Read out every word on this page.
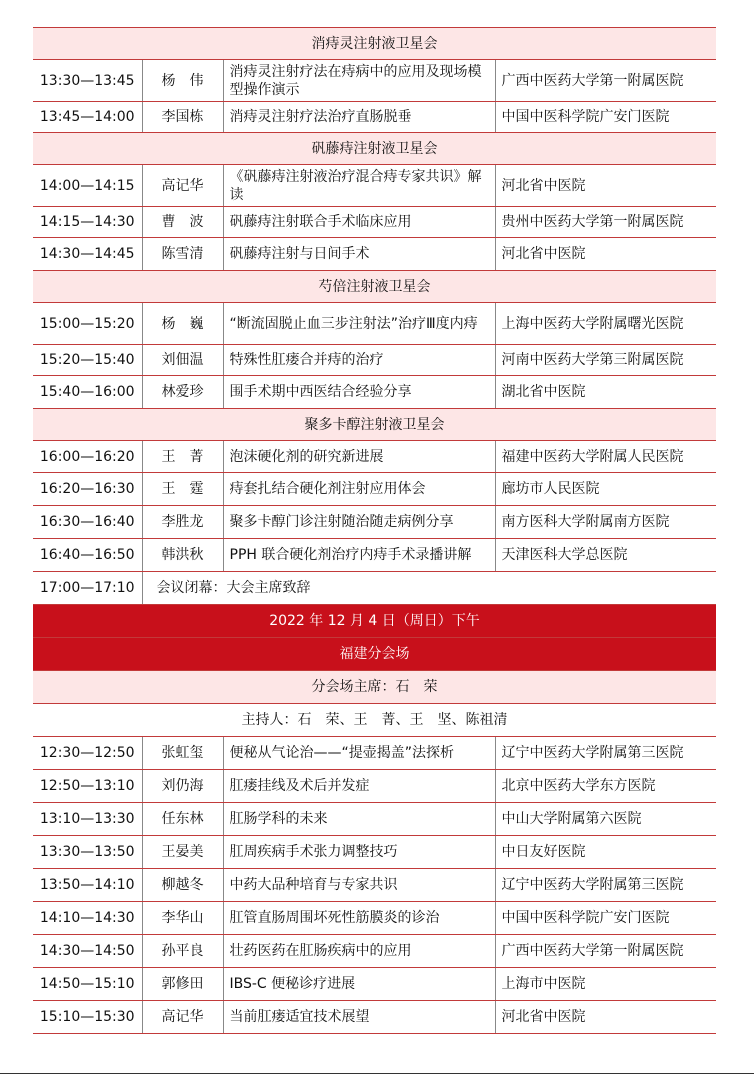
消痔灵注射液卫星会			
13:30—13:45	杨　伟	消痔灵注射疗法在痔病中的应用及现场模型操作演示	广西中医药大学第一附属医院
13:45—14:00	李国栋	消痔灵注射疗法治疗直肠脱垂	中国中医科学院广安门医院
矾藤痔注射液卫星会			
14:00—14:15	高记华	《矾藤痔注射液治疗混合痔专家共识》解读	河北省中医院
14:15—14:30	曹　波	矾藤痔注射联合手术临床应用	贵州中医药大学第一附属医院
14:30—14:45	陈雪清	矾藤痔注射与日间手术	河北省中医院
芍倍注射液卫星会			
15:00—15:20	杨　巍	“断流固脱止血三步注射法”治疗Ⅲ度内痔	上海中医药大学附属曙光医院
15:20—15:40	刘佃温	特殊性肛瘘合并痔的治疗	河南中医药大学第三附属医院
15:40—16:00	林爱珍	围手术期中西医结合经验分享	湖北省中医院
聚多卡醇注射液卫星会			
16:00—16:20	王　菁	泡沫硬化剂的研究新进展	福建中医药大学附属人民医院
16:20—16:30	王　霆	痔套扎结合硬化剂注射应用体会	廊坊市人民医院
16:30—16:40	李胜龙	聚多卡醇门诊注射随治随走病例分享	南方医科大学附属南方医院
16:40—16:50	韩洪秋	PPH 联合硬化剂治疗内痔手术录播讲解	天津医科大学总医院
17:00—17:10	会议闭幕：大会主席致辞		
2022 年 12 月 4 日（周日）下午			
福建分会场			
分会场主席：石　荣			
主持人：石　荣、王　菁、王　坚、陈祖清			
12:30—12:50	张虹玺	便秘从气论治——“提壶揭盖”法探析	辽宁中医药大学附属第三医院
12:50—13:10	刘仍海	肛瘘挂线及术后并发症	北京中医药大学东方医院
13:10—13:30	任东林	肛肠学科的未来	中山大学附属第六医院
13:30—13:50	王晏美	肛周疾病手术张力调整技巧	中日友好医院
13:50—14:10	柳越冬	中药大品种培育与专家共识	辽宁中医药大学附属第三医院
14:10—14:30	李华山	肛管直肠周围坏死性筋膜炎的诊治	中国中医科学院广安门医院
14:30—14:50	孙平良	壮药医药在肛肠疾病中的应用	广西中医药大学第一附属医院
14:50—15:10	郭修田	IBS-C 便秘诊疗进展	上海市中医院
15:10—15:30	高记华	当前肛瘘适宜技术展望	河北省中医院
